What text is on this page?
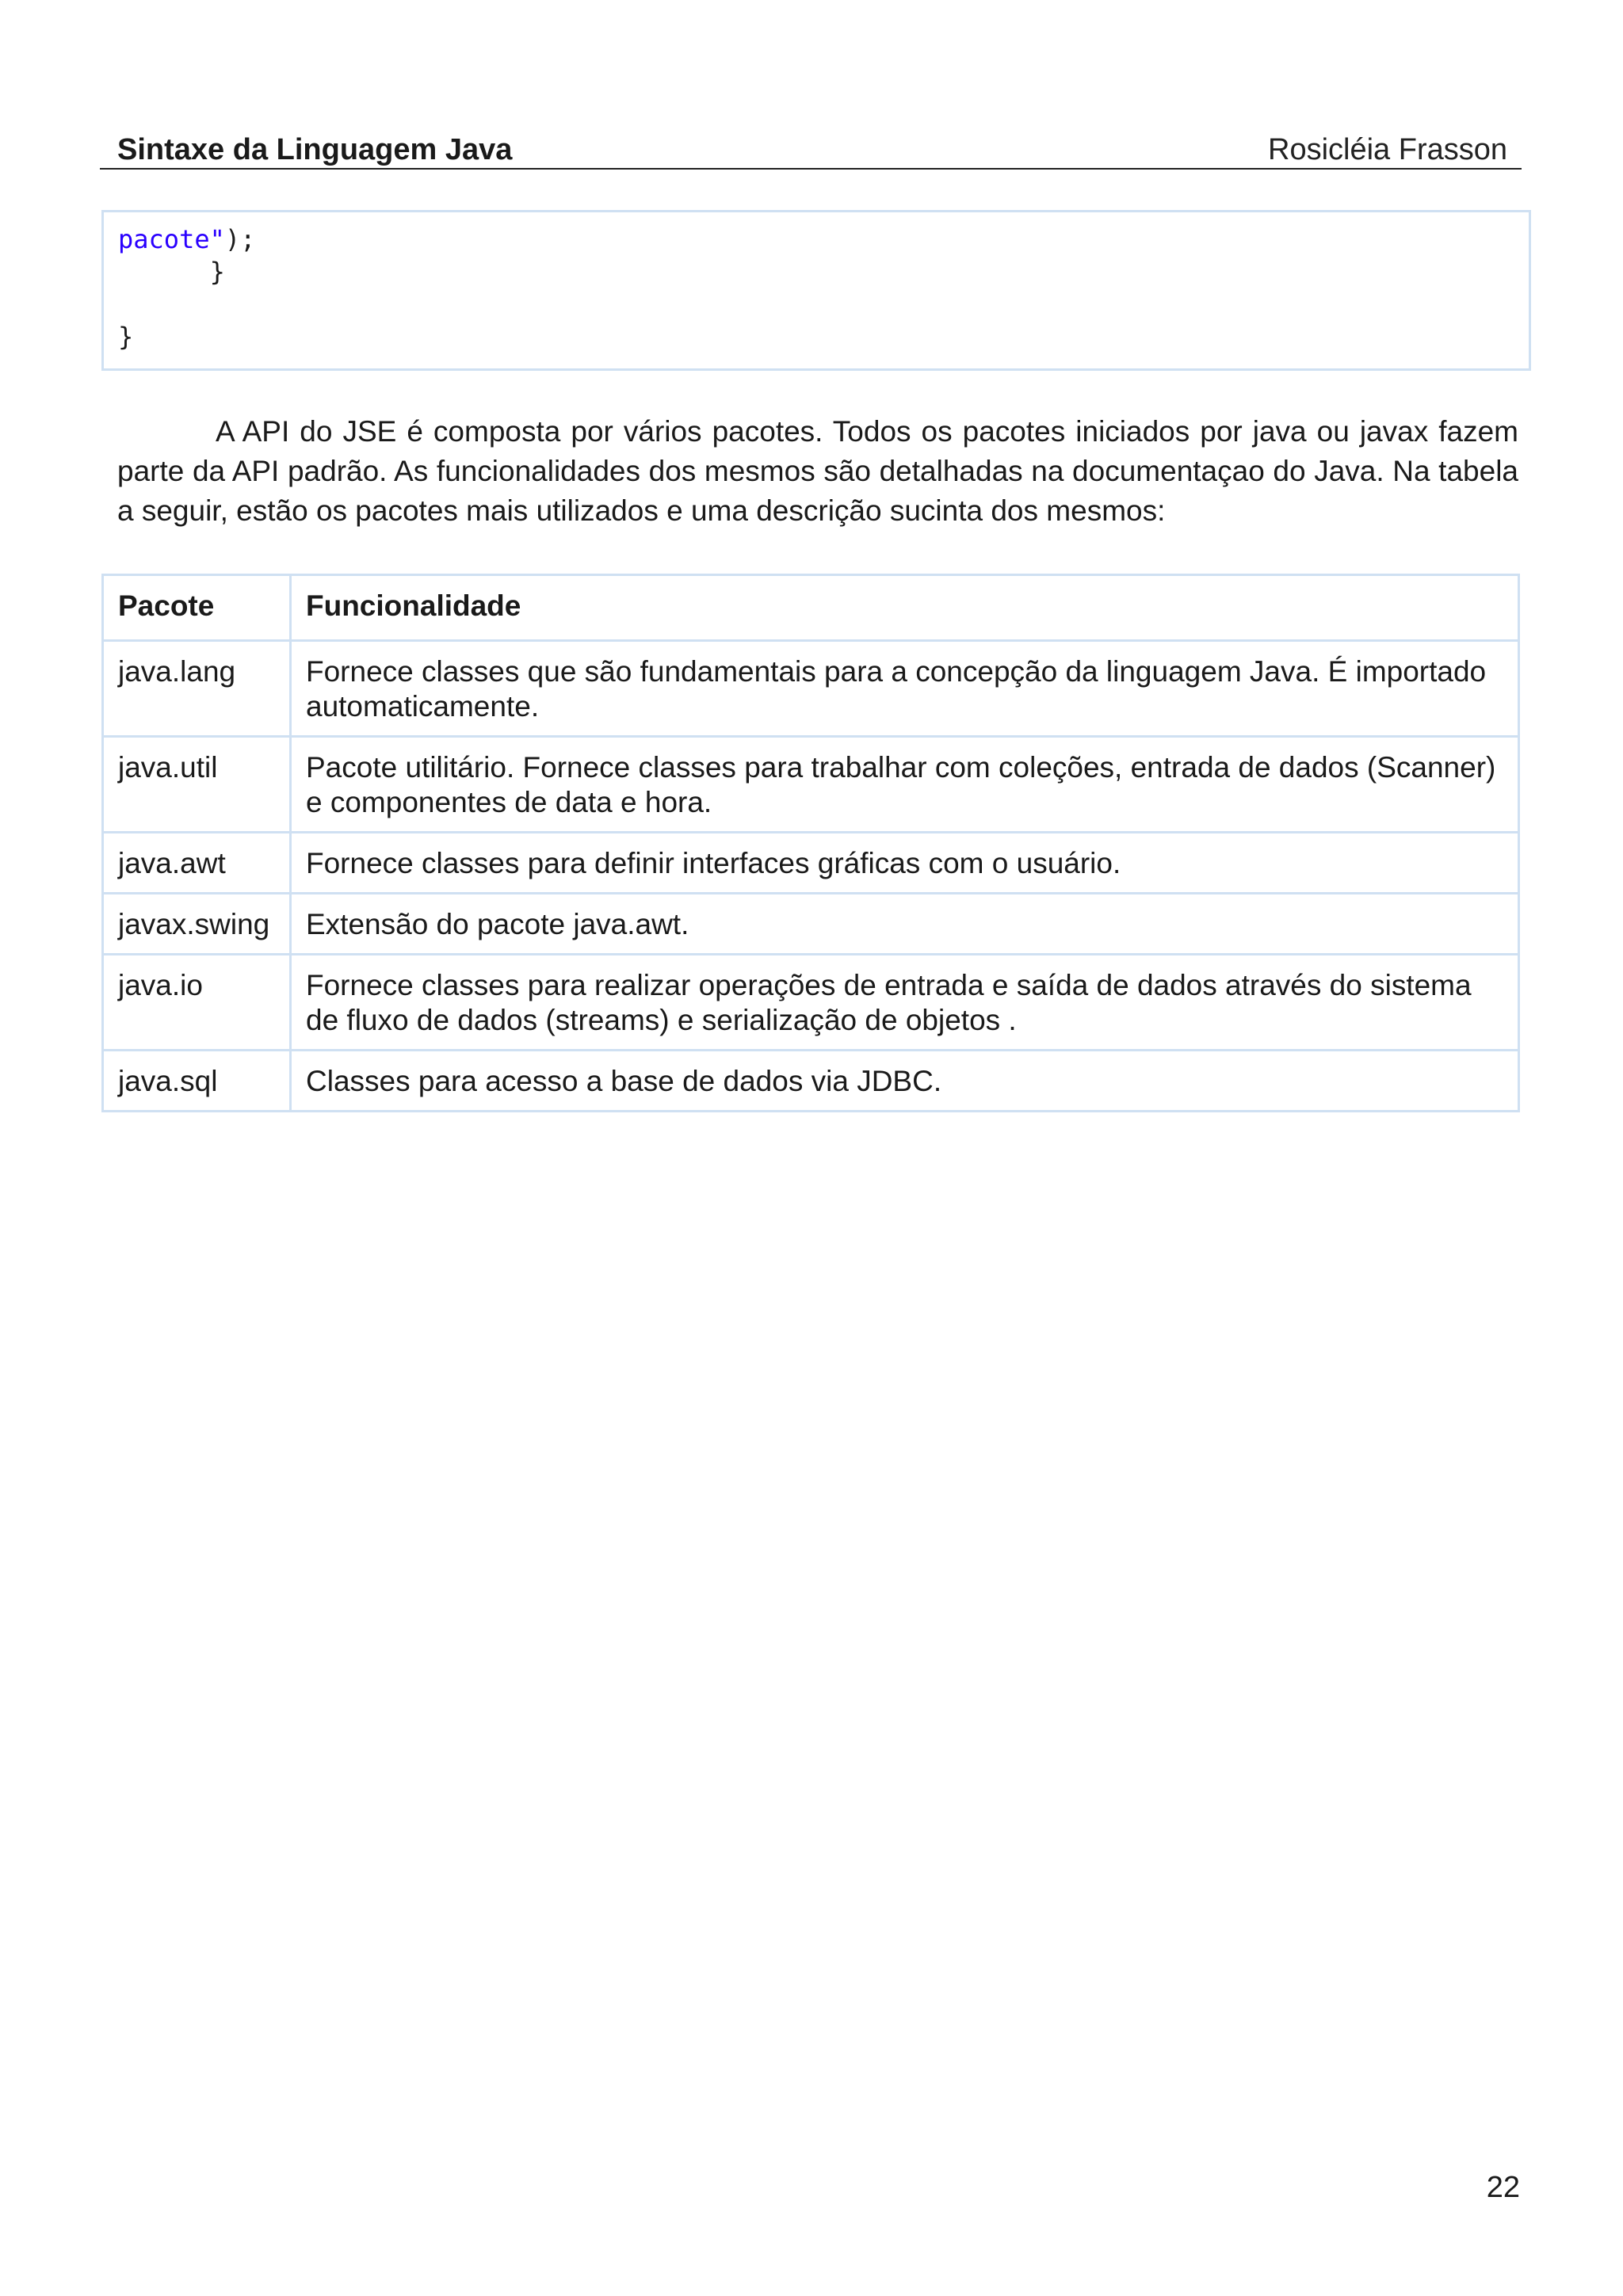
Sintaxe da Linguagem Java	Rosicléia Frasson
pacote");
}

}

A API do JSE é composta por vários pacotes. Todos os pacotes iniciados por java ou javax fazem parte da API padrão. As funcionalidades dos mesmos são detalhadas na documentaçao do Java. Na tabela a seguir, estão os pacotes mais utilizados e uma descrição sucinta dos mesmos:

Pacote	Funcionalidade
java.lang	Fornece classes que são fundamentais para a concepção da linguagem Java. É importado automaticamente.
java.util	Pacote utilitário. Fornece classes para trabalhar com coleções, entrada de dados (Scanner) e componentes de data e hora.
java.awt	Fornece classes para definir interfaces gráficas com o usuário.
javax.swing	Extensão do pacote java.awt.
java.io	Fornece classes para realizar operações de entrada e saída de dados através do sistema de fluxo de dados (streams) e serialização de objetos .
java.sql	Classes para acesso a base de dados via JDBC.
22
